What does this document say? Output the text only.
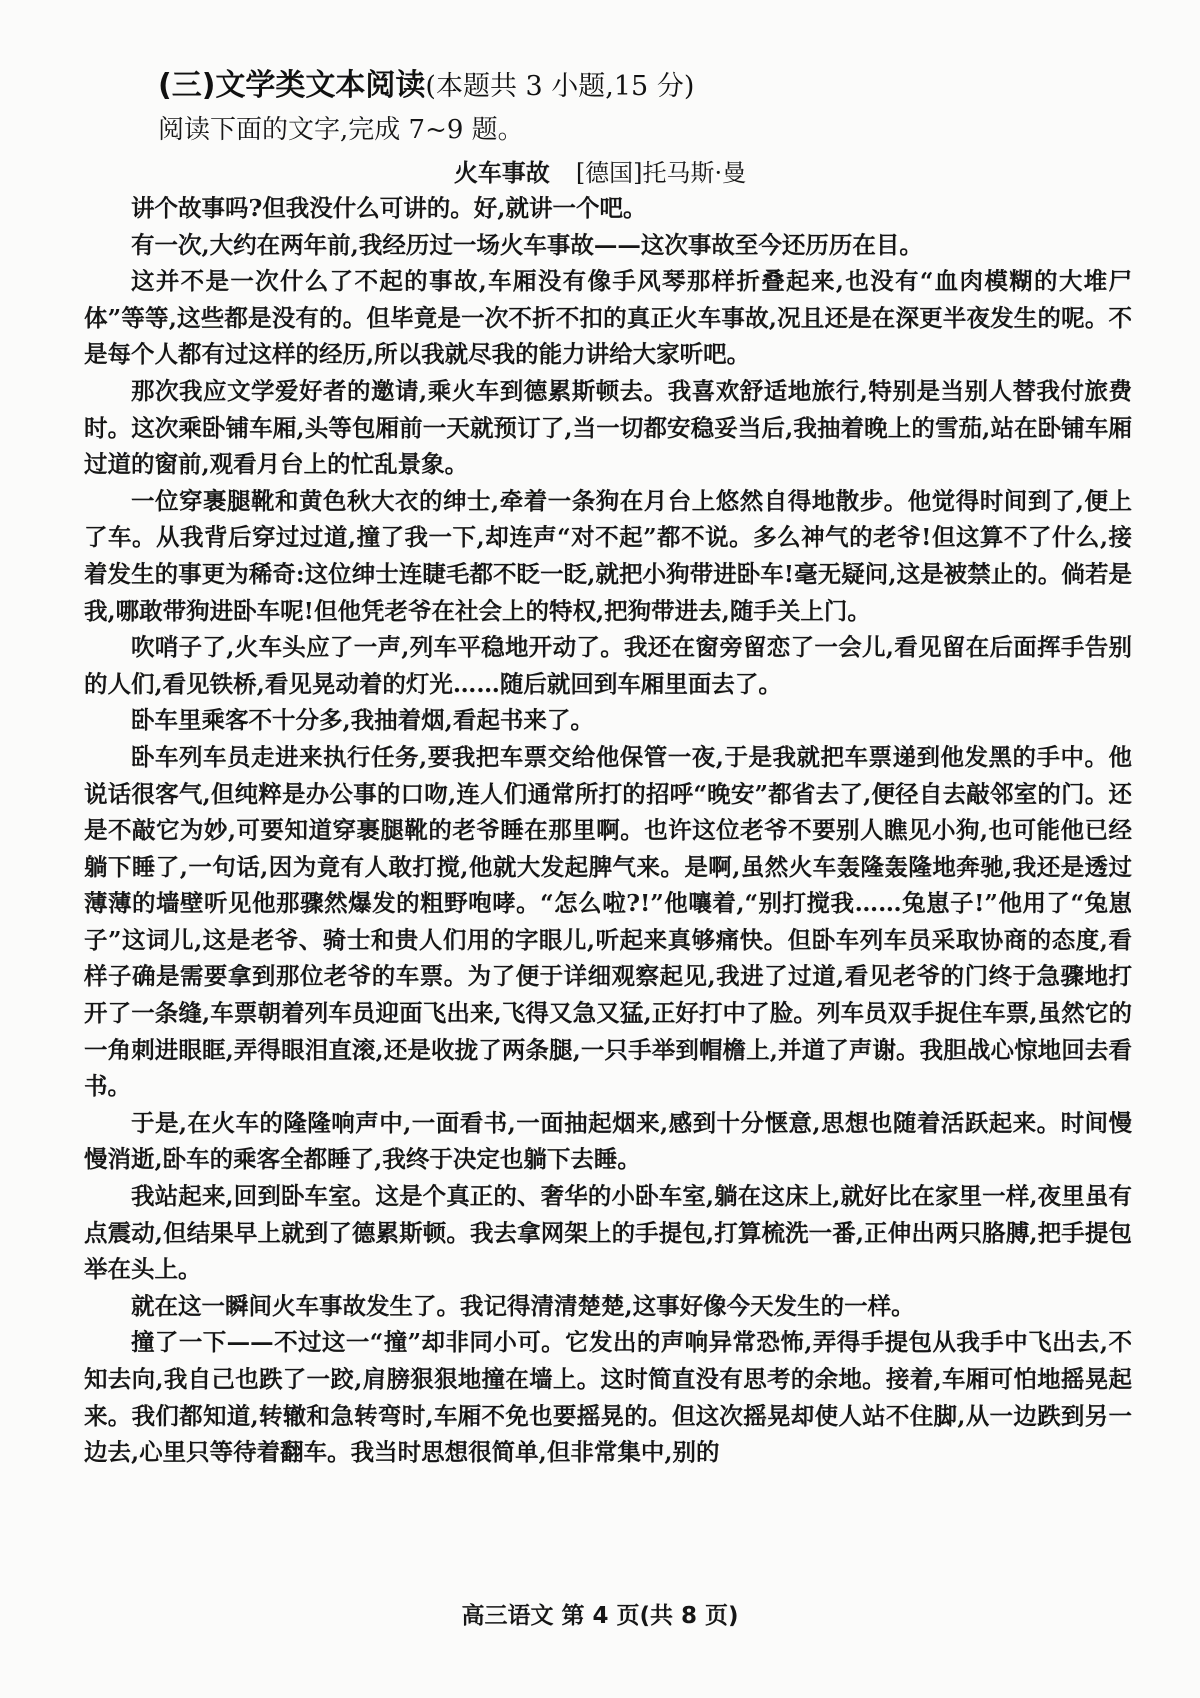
(三)文学类文本阅读(本题共 3 小题,15 分)
阅读下面的文字,完成 7~9 题。
火车事故 [德国]托马斯·曼

讲个故事吗?但我没什么可讲的。好,就讲一个吧。

有一次,大约在两年前,我经历过一场火车事故——这次事故至今还历历在目。

这并不是一次什么了不起的事故,车厢没有像手风琴那样折叠起来,也没有“血肉模糊的大堆尸体”等等,这些都是没有的。但毕竟是一次不折不扣的真正火车事故,况且还是在深更半夜发生的呢。不是每个人都有过这样的经历,所以我就尽我的能力讲给大家听吧。

那次我应文学爱好者的邀请,乘火车到德累斯顿去。我喜欢舒适地旅行,特别是当别人替我付旅费时。这次乘卧铺车厢,头等包厢前一天就预订了,当一切都安稳妥当后,我抽着晚上的雪茄,站在卧铺车厢过道的窗前,观看月台上的忙乱景象。

一位穿裹腿靴和黄色秋大衣的绅士,牵着一条狗在月台上悠然自得地散步。他觉得时间到了,便上了车。从我背后穿过过道,撞了我一下,却连声“对不起”都不说。多么神气的老爷!但这算不了什么,接着发生的事更为稀奇:这位绅士连睫毛都不眨一眨,就把小狗带进卧车!毫无疑问,这是被禁止的。倘若是我,哪敢带狗进卧车呢!但他凭老爷在社会上的特权,把狗带进去,随手关上门。

吹哨子了,火车头应了一声,列车平稳地开动了。我还在窗旁留恋了一会儿,看见留在后面挥手告别的人们,看见铁桥,看见晃动着的灯光……随后就回到车厢里面去了。

卧车里乘客不十分多,我抽着烟,看起书来了。

卧车列车员走进来执行任务,要我把车票交给他保管一夜,于是我就把车票递到他发黑的手中。他说话很客气,但纯粹是办公事的口吻,连人们通常所打的招呼“晚安”都省去了,便径自去敲邻室的门。还是不敲它为妙,可要知道穿裹腿靴的老爷睡在那里啊。也许这位老爷不要别人瞧见小狗,也可能他已经躺下睡了,一句话,因为竟有人敢打搅,他就大发起脾气来。是啊,虽然火车轰隆轰隆地奔驰,我还是透过薄薄的墙壁听见他那骤然爆发的粗野咆哮。“怎么啦?!”他嚷着,“别打搅我……兔崽子!”他用了“兔崽子”这词儿,这是老爷、骑士和贵人们用的字眼儿,听起来真够痛快。但卧车列车员采取协商的态度,看样子确是需要拿到那位老爷的车票。为了便于详细观察起见,我进了过道,看见老爷的门终于急骤地打开了一条缝,车票朝着列车员迎面飞出来,飞得又急又猛,正好打中了脸。列车员双手捉住车票,虽然它的一角刺进眼眶,弄得眼泪直滚,还是收拢了两条腿,一只手举到帽檐上,并道了声谢。我胆战心惊地回去看书。

于是,在火车的隆隆响声中,一面看书,一面抽起烟来,感到十分惬意,思想也随着活跃起来。时间慢慢消逝,卧车的乘客全都睡了,我终于决定也躺下去睡。

我站起来,回到卧车室。这是个真正的、奢华的小卧车室,躺在这床上,就好比在家里一样,夜里虽有点震动,但结果早上就到了德累斯顿。我去拿网架上的手提包,打算梳洗一番,正伸出两只胳膊,把手提包举在头上。

就在这一瞬间火车事故发生了。我记得清清楚楚,这事好像今天发生的一样。

撞了一下——不过这一“撞”却非同小可。它发出的声响异常恐怖,弄得手提包从我手中飞出去,不知去向,我自己也跌了一跤,肩膀狠狠地撞在墙上。这时简直没有思考的余地。接着,车厢可怕地摇晃起来。我们都知道,转辙和急转弯时,车厢不免也要摇晃的。但这次摇晃却使人站不住脚,从一边跌到另一边去,心里只等待着翻车。我当时思想很简单,但非常集中,别的

高三语文 第 4 页(共 8 页)
